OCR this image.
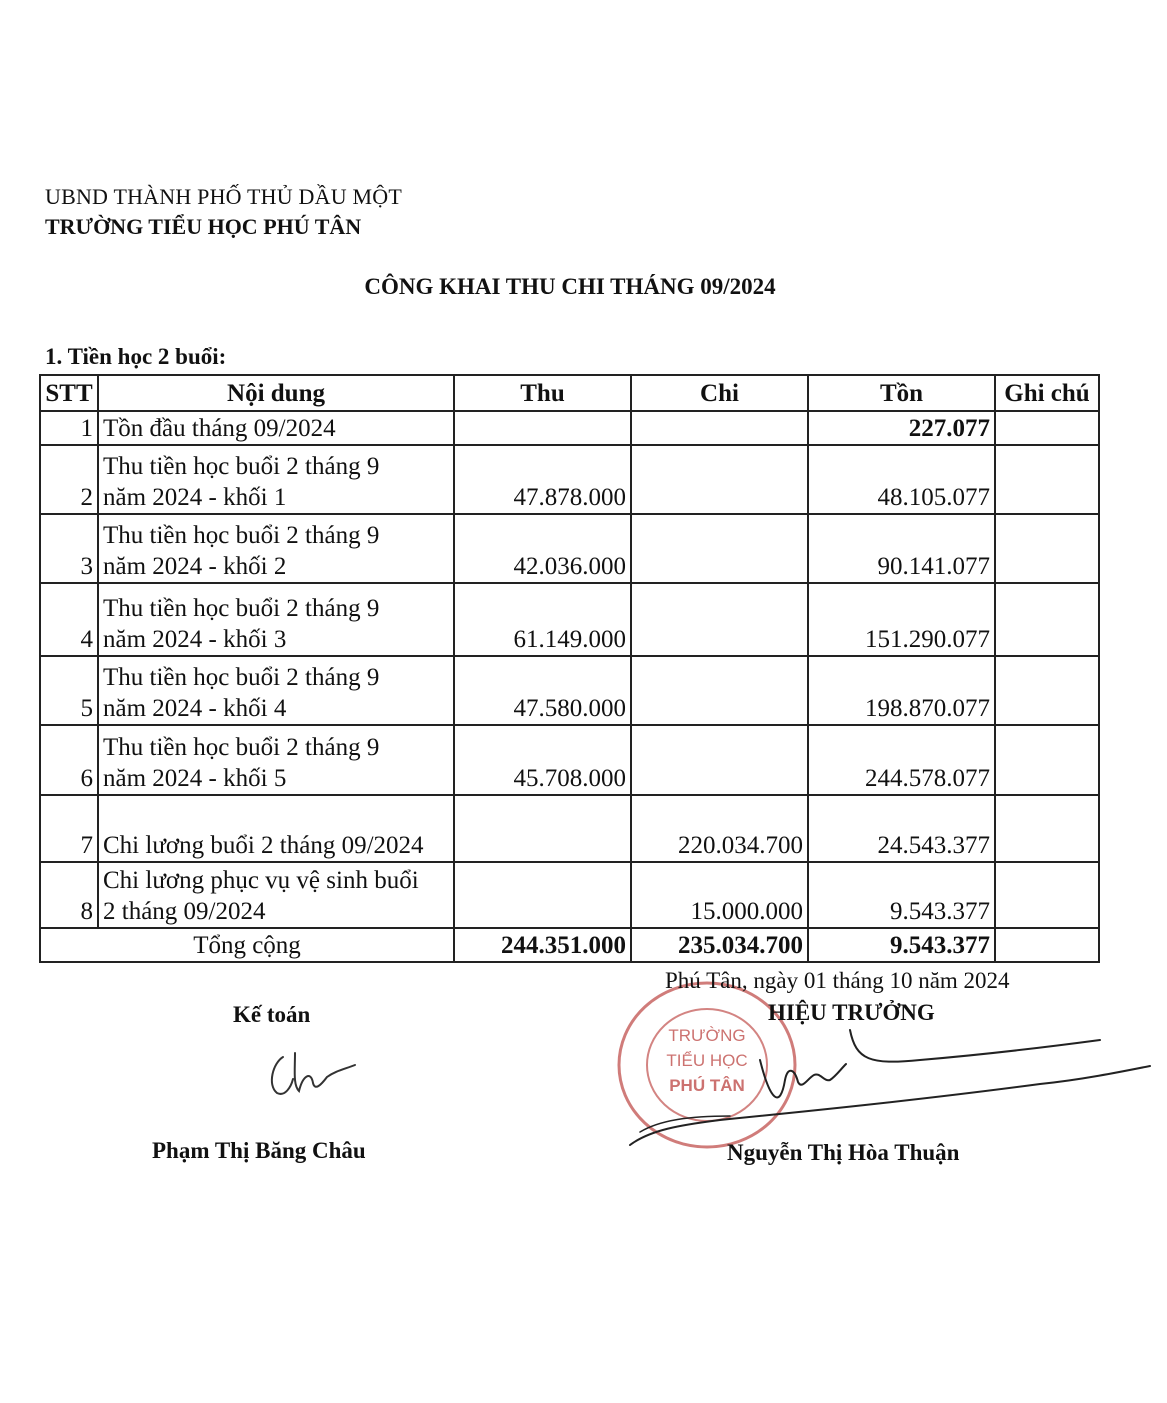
UBND THÀNH PHỐ THỦ DẦU MỘT
TRƯỜNG TIỂU HỌC PHÚ TÂN
CÔNG KHAI THU CHI THÁNG 09/2024
1. Tiền học 2 buổi:
STT	Nội dung	Thu	Chi	Tồn	Ghi chú
1	Tồn đầu tháng 09/2024			227.077	
2	Thu tiền học buổi 2 tháng 9
năm 2024 - khối 1	47.878.000		48.105.077	
3	Thu tiền học buổi 2 tháng 9
năm 2024 - khối 2	42.036.000		90.141.077	
4	Thu tiền học buổi 2 tháng 9
năm 2024 - khối 3	61.149.000		151.290.077	
5	Thu tiền học buổi 2 tháng 9
năm 2024 - khối 4	47.580.000		198.870.077	
6	Thu tiền học buổi 2 tháng 9
năm 2024 - khối 5	45.708.000		244.578.077	
7	Chi lương buổi 2 tháng 09/2024		220.034.700	24.543.377	
8	Chi lương phục vụ vệ sinh buổi
2 tháng 09/2024		15.000.000	9.543.377	
Tổng cộng		244.351.000	235.034.700	9.543.377	
TRƯỜNG
TIỂU HỌC
PHÚ TÂN
Phú Tân, ngày 01 tháng 10 năm 2024
Kế toán	HIỆU TRƯỞNG
Phạm Thị Băng Châu	Nguyễn Thị Hòa Thuận
